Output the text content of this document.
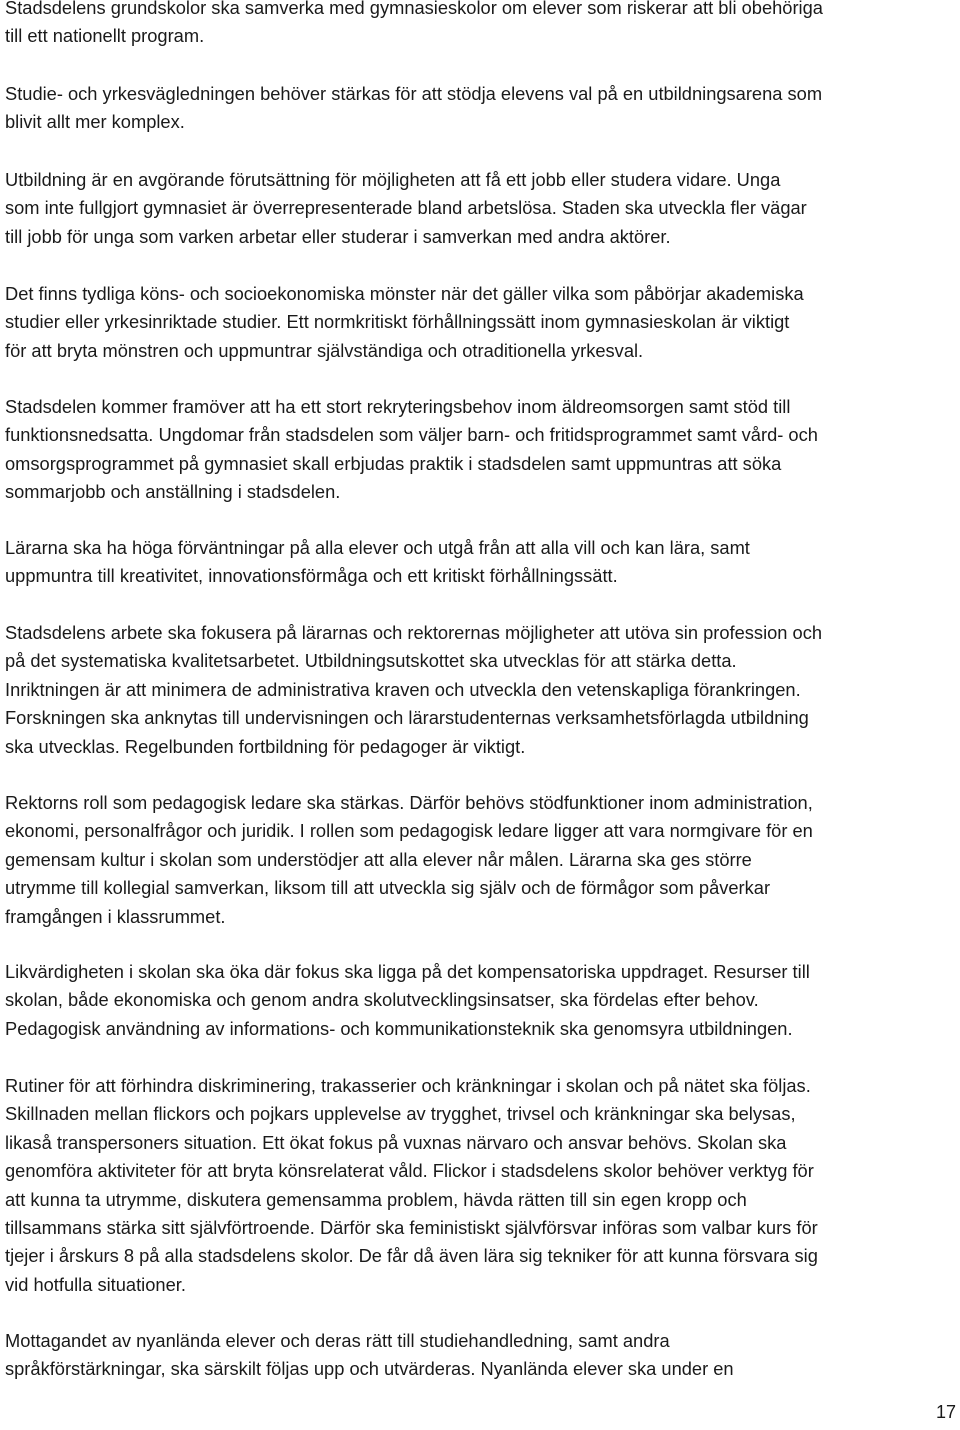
Stadsdelens grundskolor ska samverka med gymnasieskolor om elever som riskerar att bli obehöriga
till ett nationellt program.
Studie- och yrkesvägledningen behöver stärkas för att stödja elevens val på en utbildningsarena som
blivit allt mer komplex.
Utbildning är en avgörande förutsättning för möjligheten att få ett jobb eller studera vidare. Unga
som inte fullgjort gymnasiet är överrepresenterade bland arbetslösa. Staden ska utveckla fler vägar
till jobb för unga som varken arbetar eller studerar i samverkan med andra aktörer.
Det finns tydliga köns- och socioekonomiska mönster när det gäller vilka som påbörjar akademiska
studier eller yrkesinriktade studier. Ett normkritiskt förhållningssätt inom gymnasieskolan är viktigt
för att bryta mönstren och uppmuntrar självständiga och otraditionella yrkesval.
Stadsdelen kommer framöver att ha ett stort rekryteringsbehov inom äldreomsorgen samt stöd till
funktionsnedsatta. Ungdomar från stadsdelen som väljer barn- och fritidsprogrammet samt vård- och
omsorgsprogrammet på gymnasiet skall erbjudas praktik i stadsdelen samt uppmuntras att söka
sommarjobb och anställning i stadsdelen.
Lärarna ska ha höga förväntningar på alla elever och utgå från att alla vill och kan lära, samt
uppmuntra till kreativitet, innovationsförmåga och ett kritiskt förhållningssätt.
Stadsdelens arbete ska fokusera på lärarnas och rektorernas möjligheter att utöva sin profession och
på det systematiska kvalitetsarbetet. Utbildningsutskottet ska utvecklas för att stärka detta.
Inriktningen är att minimera de administrativa kraven och utveckla den vetenskapliga förankringen.
Forskningen ska anknytas till undervisningen och lärarstudenternas verksamhetsförlagda utbildning
ska utvecklas. Regelbunden fortbildning för pedagoger är viktigt.
Rektorns roll som pedagogisk ledare ska stärkas. Därför behövs stödfunktioner inom administration,
ekonomi, personalfrågor och juridik. I rollen som pedagogisk ledare ligger att vara normgivare för en
gemensam kultur i skolan som understödjer att alla elever når målen. Lärarna ska ges större
utrymme till kollegial samverkan, liksom till att utveckla sig själv och de förmågor som påverkar
framgången i klassrummet.
Likvärdigheten i skolan ska öka där fokus ska ligga på det kompensatoriska uppdraget. Resurser till
skolan, både ekonomiska och genom andra skolutvecklingsinsatser, ska fördelas efter behov.
Pedagogisk användning av informations- och kommunikationsteknik ska genomsyra utbildningen.
Rutiner för att förhindra diskriminering, trakasserier och kränkningar i skolan och på nätet ska följas.
Skillnaden mellan flickors och pojkars upplevelse av trygghet, trivsel och kränkningar ska belysas,
likaså transpersoners situation. Ett ökat fokus på vuxnas närvaro och ansvar behövs. Skolan ska
genomföra aktiviteter för att bryta könsrelaterat våld. Flickor i stadsdelens skolor behöver verktyg för
att kunna ta utrymme, diskutera gemensamma problem, hävda rätten till sin egen kropp och
tillsammans stärka sitt självförtroende. Därför ska feministiskt självförsvar införas som valbar kurs för
tjejer i årskurs 8 på alla stadsdelens skolor. De får då även lära sig tekniker för att kunna försvara sig
vid hotfulla situationer.
Mottagandet av nyanlända elever och deras rätt till studiehandledning, samt andra
språkförstärkningar, ska särskilt följas upp och utvärderas. Nyanlända elever ska under en
17
